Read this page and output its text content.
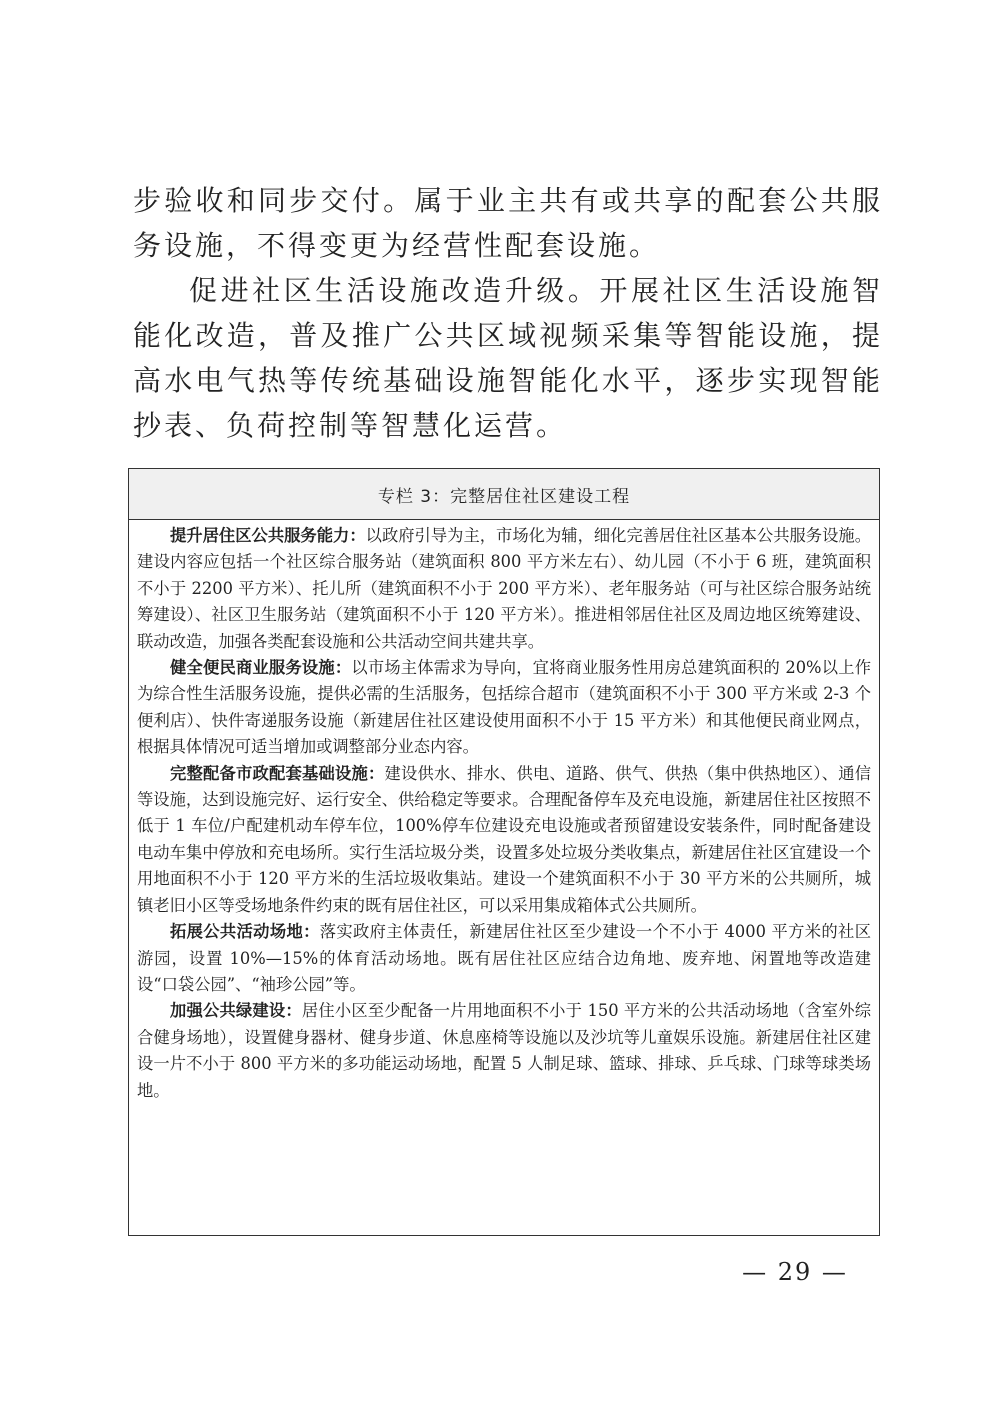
步验收和同步交付。属于业主共有或共享的配套公共服务设施，不得变更为经营性配套设施。

促进社区生活设施改造升级。开展社区生活设施智能化改造，普及推广公共区域视频采集等智能设施，提高水电气热等传统基础设施智能化水平，逐步实现智能抄表、负荷控制等智慧化运营。

专栏 3：完整居住社区建设工程

提升居住区公共服务能力：以政府引导为主，市场化为辅，细化完善居住社区基本公共服务设施。建设内容应包括一个社区综合服务站（建筑面积 800 平方米左右）、幼儿园（不小于 6 班，建筑面积不小于 2200 平方米）、托儿所（建筑面积不小于 200 平方米）、老年服务站（可与社区综合服务站统筹建设）、社区卫生服务站（建筑面积不小于 120 平方米）。推进相邻居住社区及周边地区统筹建设、联动改造，加强各类配套设施和公共活动空间共建共享。

健全便民商业服务设施：以市场主体需求为导向，宜将商业服务性用房总建筑面积的 20%以上作为综合性生活服务设施，提供必需的生活服务，包括综合超市（建筑面积不小于 300 平方米或 2-3 个便利店）、快件寄递服务设施（新建居住社区建设使用面积不小于 15 平方米）和其他便民商业网点，根据具体情况可适当增加或调整部分业态内容。

完整配备市政配套基础设施：建设供水、排水、供电、道路、供气、供热（集中供热地区）、通信等设施，达到设施完好、运行安全、供给稳定等要求。合理配备停车及充电设施，新建居住社区按照不低于 1 车位/户配建机动车停车位，100%停车位建设充电设施或者预留建设安装条件，同时配备建设电动车集中停放和充电场所。实行生活垃圾分类，设置多处垃圾分类收集点，新建居住社区宜建设一个用地面积不小于 120 平方米的生活垃圾收集站。建设一个建筑面积不小于 30 平方米的公共厕所，城镇老旧小区等受场地条件约束的既有居住社区，可以采用集成箱体式公共厕所。

拓展公共活动场地：落实政府主体责任，新建居住社区至少建设一个不小于 4000 平方米的社区游园，设置 10%—15%的体育活动场地。既有居住社区应结合边角地、废弃地、闲置地等改造建设“口袋公园”、“袖珍公园”等。

加强公共绿建设：居住小区至少配备一片用地面积不小于 150 平方米的公共活动场地（含室外综合健身场地），设置健身器材、健身步道、休息座椅等设施以及沙坑等儿童娱乐设施。新建居住社区建设一片不小于 800 平方米的多功能运动场地，配置 5 人制足球、篮球、排球、乒乓球、门球等球类场地。

— 29 —
